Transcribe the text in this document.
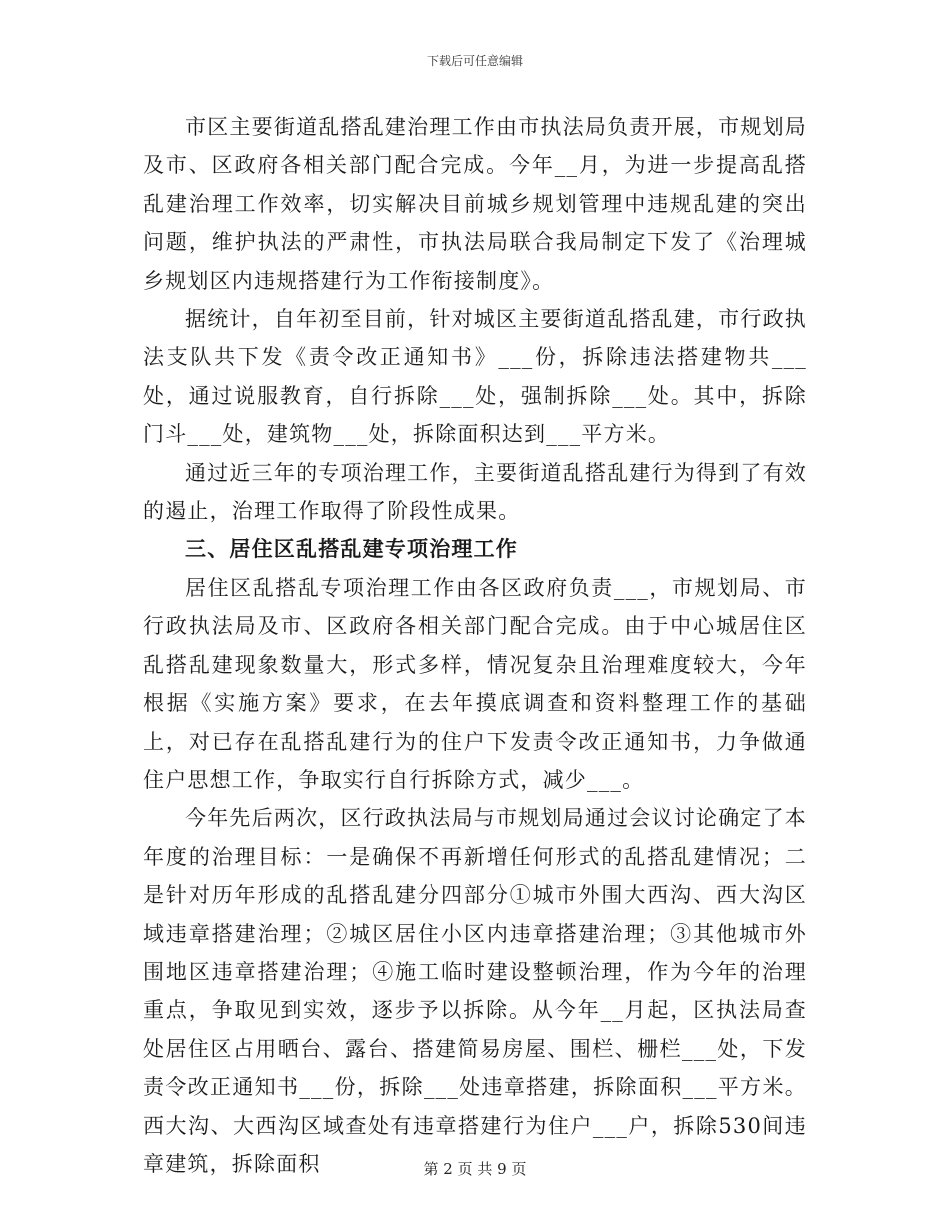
下载后可任意编辑

市区主要街道乱搭乱建治理工作由市执法局负责开展，市规划局及市、区政府各相关部门配合完成。今年__月，为进一步提高乱搭乱建治理工作效率，切实解决目前城乡规划管理中违规乱建的突出问题，维护执法的严肃性，市执法局联合我局制定下发了《治理城乡规划区内违规搭建行为工作衔接制度》。

据统计，自年初至目前，针对城区主要街道乱搭乱建，市行政执法支队共下发《责令改正通知书》___份，拆除违法搭建物共___处，通过说服教育，自行拆除___处，强制拆除___处。其中，拆除门斗___处，建筑物___处，拆除面积达到___平方米。

通过近三年的专项治理工作，主要街道乱搭乱建行为得到了有效的遏止，治理工作取得了阶段性成果。

三、居住区乱搭乱建专项治理工作

居住区乱搭乱专项治理工作由各区政府负责___，市规划局、市行政执法局及市、区政府各相关部门配合完成。由于中心城居住区乱搭乱建现象数量大，形式多样，情况复杂且治理难度较大，今年根据《实施方案》要求，在去年摸底调查和资料整理工作的基础上，对已存在乱搭乱建行为的住户下发责令改正通知书，力争做通住户思想工作，争取实行自行拆除方式，减少___。

今年先后两次，区行政执法局与市规划局通过会议讨论确定了本年度的治理目标：一是确保不再新增任何形式的乱搭乱建情况；二是针对历年形成的乱搭乱建分四部分①城市外围大西沟、西大沟区域违章搭建治理；②城区居住小区内违章搭建治理；③其他城市外围地区违章搭建治理；④施工临时建设整顿治理，作为今年的治理重点，争取见到实效，逐步予以拆除。从今年__月起，区执法局查处居住区占用晒台、露台、搭建简易房屋、围栏、栅栏___处，下发责令改正通知书___份，拆除___处违章搭建，拆除面积___平方米。西大沟、大西沟区域查处有违章搭建行为住户___户，拆除530间违章建筑，拆除面积	第 2 页 共 9 页
